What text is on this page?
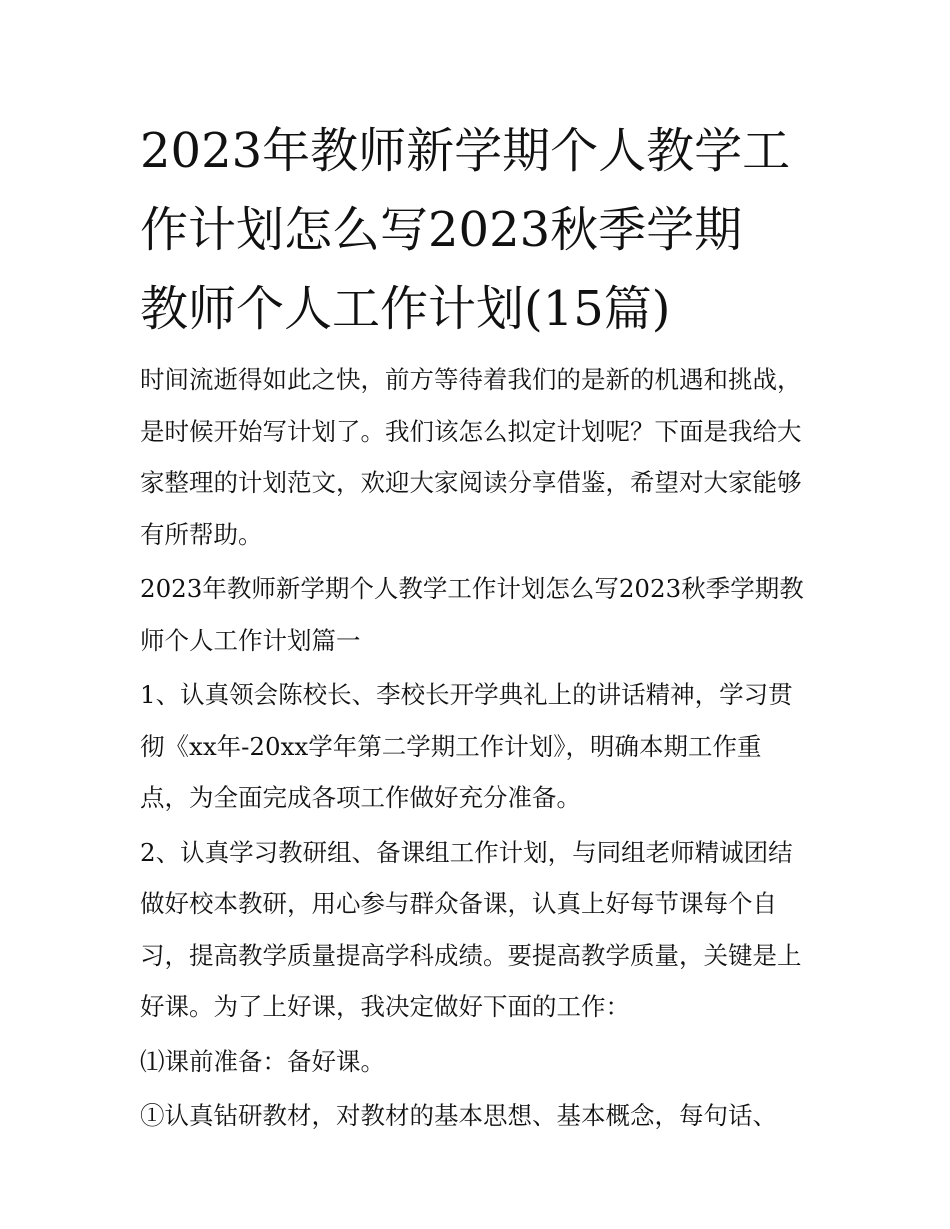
2023年教师新学期个人教学工
作计划怎么写2023秋季学期
教师个人工作计划(15篇)

时间流逝得如此之快，前方等待着我们的是新的机遇和挑战，
是时候开始写计划了。我们该怎么拟定计划呢？下面是我给大
家整理的计划范文，欢迎大家阅读分享借鉴，希望对大家能够
有所帮助。

2023年教师新学期个人教学工作计划怎么写2023秋季学期教
师个人工作计划篇一

1、认真领会陈校长、李校长开学典礼上的讲话精神，学习贯
彻《xx年-20xx学年第二学期工作计划》，明确本期工作重
点，为全面完成各项工作做好充分准备。

2、认真学习教研组、备课组工作计划，与同组老师精诚团结
做好校本教研，用心参与群众备课，认真上好每节课每个自
习，提高教学质量提高学科成绩。要提高教学质量，关键是上
好课。为了上好课，我决定做好下面的工作：

⑴课前准备：备好课。

①认真钻研教材，对教材的基本思想、基本概念，每句话、
